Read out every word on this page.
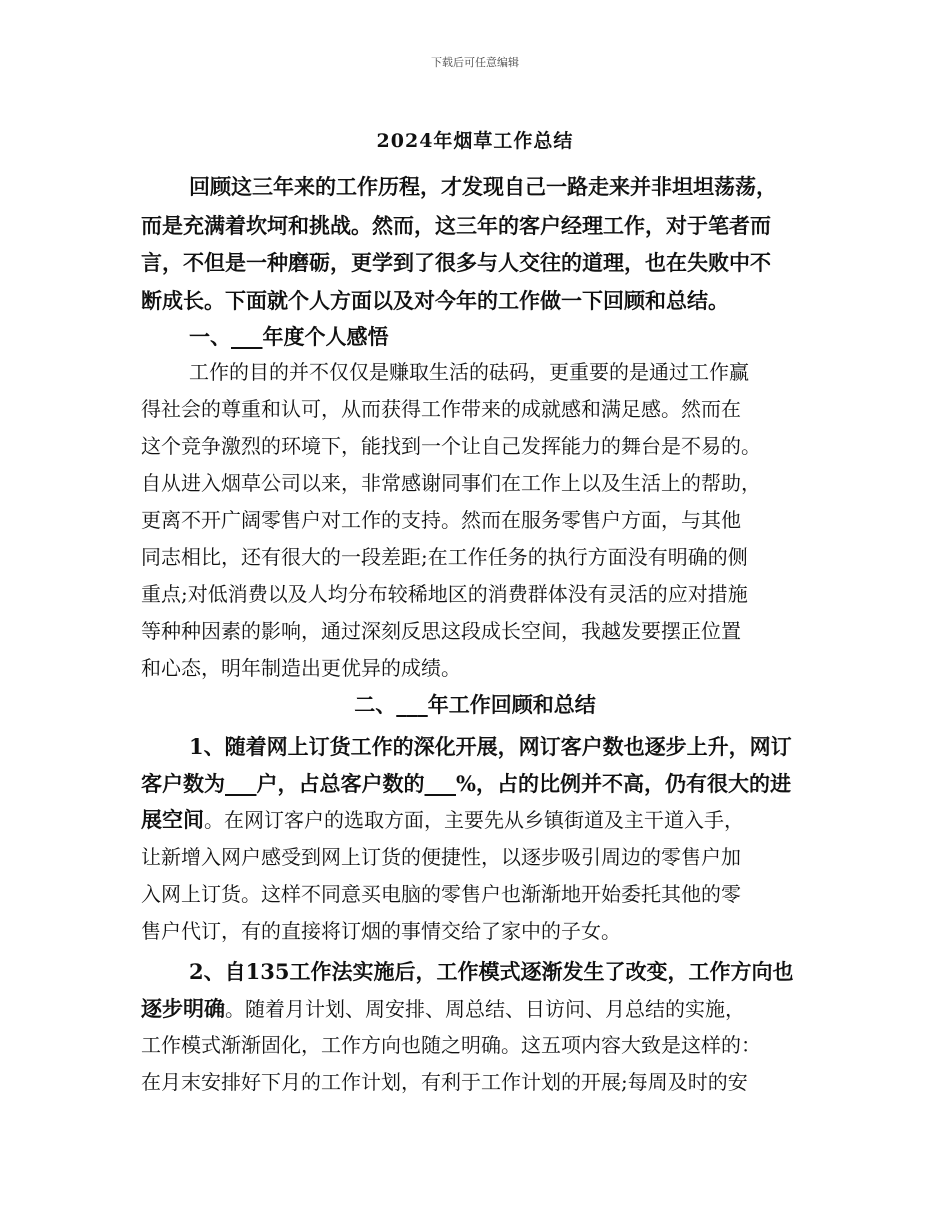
下载后可任意编辑
2024年烟草工作总结
回顾这三年来的工作历程，才发现自己一路走来并非坦坦荡荡，
而是充满着坎坷和挑战。然而，这三年的客户经理工作，对于笔者而
言，不但是一种磨砺，更学到了很多与人交往的道理，也在失败中不
断成长。下面就个人方面以及对今年的工作做一下回顾和总结。
一、___年度个人感悟
工作的目的并不仅仅是赚取生活的砝码，更重要的是通过工作赢
得社会的尊重和认可，从而获得工作带来的成就感和满足感。然而在
这个竞争激烈的环境下，能找到一个让自己发挥能力的舞台是不易的。
自从进入烟草公司以来，非常感谢同事们在工作上以及生活上的帮助，
更离不开广阔零售户对工作的支持。然而在服务零售户方面，与其他
同志相比，还有很大的一段差距;在工作任务的执行方面没有明确的侧
重点;对低消费以及人均分布较稀地区的消费群体没有灵活的应对措施
等种种因素的影响，通过深刻反思这段成长空间，我越发要摆正位置
和心态，明年制造出更优异的成绩。
二、___年工作回顾和总结
1、随着网上订货工作的深化开展，网订客户数也逐步上升，网订
客户数为___户，占总客户数的___%，占的比例并不高，仍有很大的进
展空间。在网订客户的选取方面，主要先从乡镇街道及主干道入手，
让新增入网户感受到网上订货的便捷性，以逐步吸引周边的零售户加
入网上订货。这样不同意买电脑的零售户也渐渐地开始委托其他的零
售户代订，有的直接将订烟的事情交给了家中的子女。
2、自135工作法实施后，工作模式逐渐发生了改变，工作方向也
逐步明确。随着月计划、周安排、周总结、日访问、月总结的实施，
工作模式渐渐固化，工作方向也随之明确。这五项内容大致是这样的：
在月末安排好下月的工作计划，有利于工作计划的开展;每周及时的安
